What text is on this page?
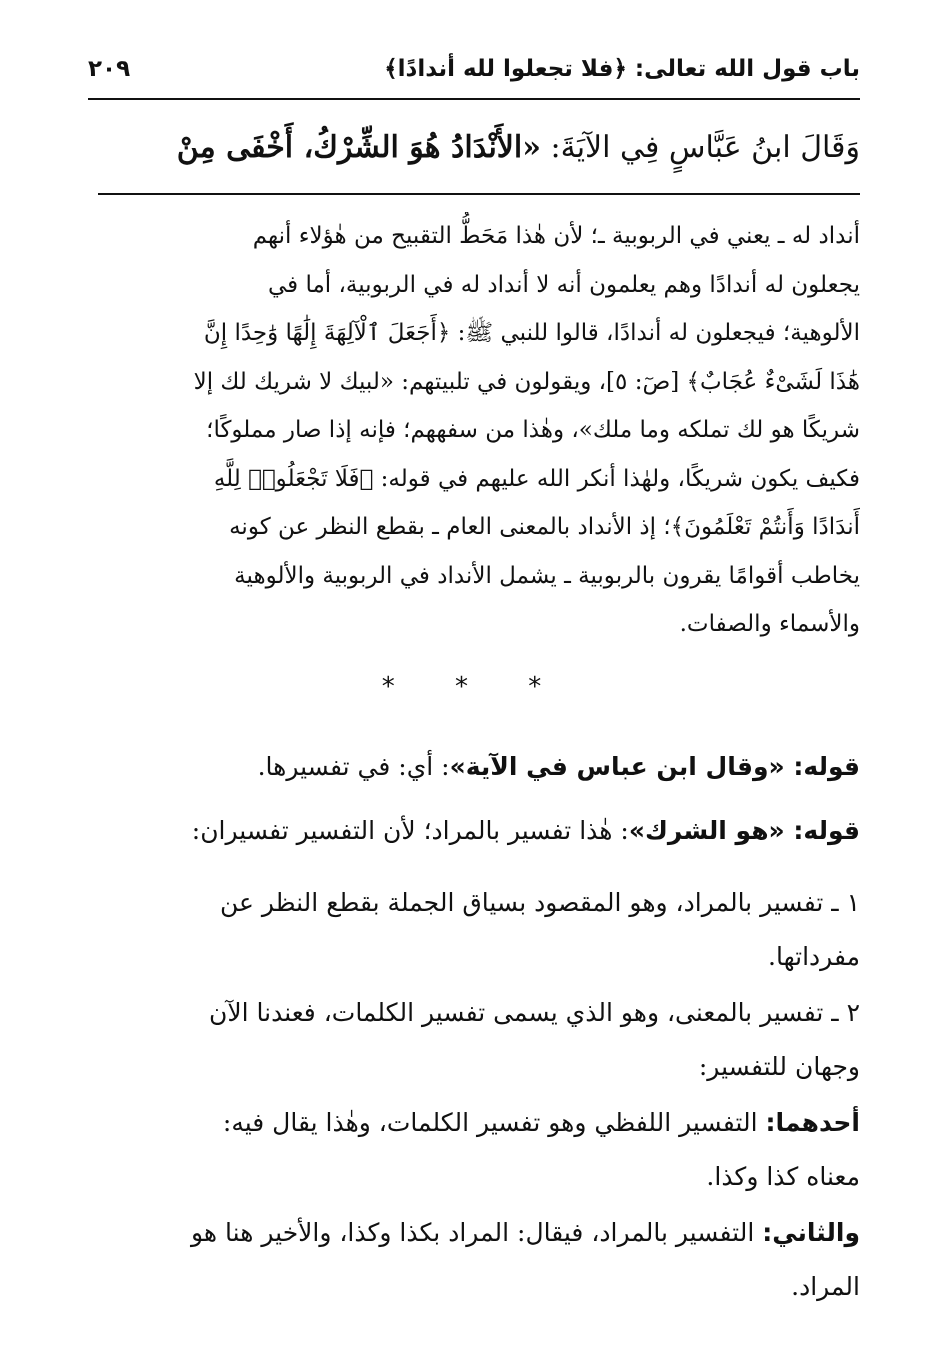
باب قول الله تعالى: ﴿فلا تجعلوا لله أندادًا﴾
٢٠٩
وَقَالَ ابنُ عَبَّاسٍ فِي الآيَةَ: «الأَنْدَادُ هُوَ الشِّرْكُ، أَخْفَى مِنْ
أنداد له ـ يعني في الربوبية ـ؛ لأن هٰذا مَحَطُّ التقبيح من هٰؤلاء أنهم
يجعلون له أندادًا وهم يعلمون أنه لا أنداد له في الربوبية، أما في
الألوهية؛ فيجعلون له أندادًا، قالوا للنبي ﷺ: ﴿أَجَعَلَ ٱلْآلِهَةَ إِلَٰهًا وَٰحِدًا إِنَّ
هَٰذَا لَشَىْءٌ عُجَابٌ﴾ [صٓ: ٥]، ويقولون في تلبيتهم: «لبيك لا شريك لك إلا
شريكًا هو لك تملكه وما ملك»، وهٰذا من سفههم؛ فإنه إذا صار مملوكًا؛
فكيف يكون شريكًا، ولهٰذا أنكر الله عليهم في قوله: ﴿فَلَا تَجْعَلُوا۟ لِلَّهِ
أَندَادًا وَأَنتُمْ تَعْلَمُونَ﴾؛ إذ الأنداد بالمعنى العام ـ بقطع النظر عن كونه
يخاطب أقوامًا يقرون بالربوبية ـ يشمل الأنداد في الربوبية والألوهية
والأسماء والصفات.
* * *
قوله: «وقال ابن عباس في الآية»: أي: في تفسيرها.
قوله: «هو الشرك»: هٰذا تفسير بالمراد؛ لأن التفسير تفسيران:
١ ـ تفسير بالمراد، وهو المقصود بسياق الجملة بقطع النظر عن
مفرداتها.
٢ ـ تفسير بالمعنى، وهو الذي يسمى تفسير الكلمات، فعندنا الآن
وجهان للتفسير:
أحدهما: التفسير اللفظي وهو تفسير الكلمات، وهٰذا يقال فيه:
معناه كذا وكذا.
والثاني: التفسير بالمراد، فيقال: المراد بكذا وكذا، والأخير هنا هو
المراد.
